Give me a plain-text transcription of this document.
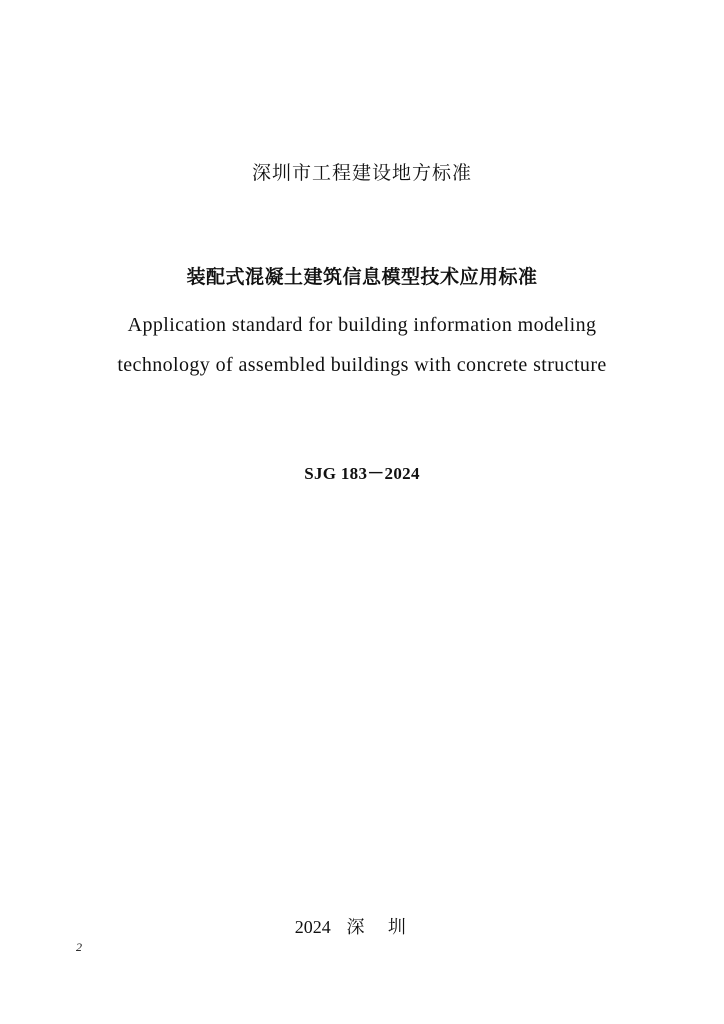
深圳市工程建设地方标准
装配式混凝土建筑信息模型技术应用标准
Application standard for building information modeling
technology of assembled buildings with concrete structure
SJG 183－2024
2024 深圳
2
